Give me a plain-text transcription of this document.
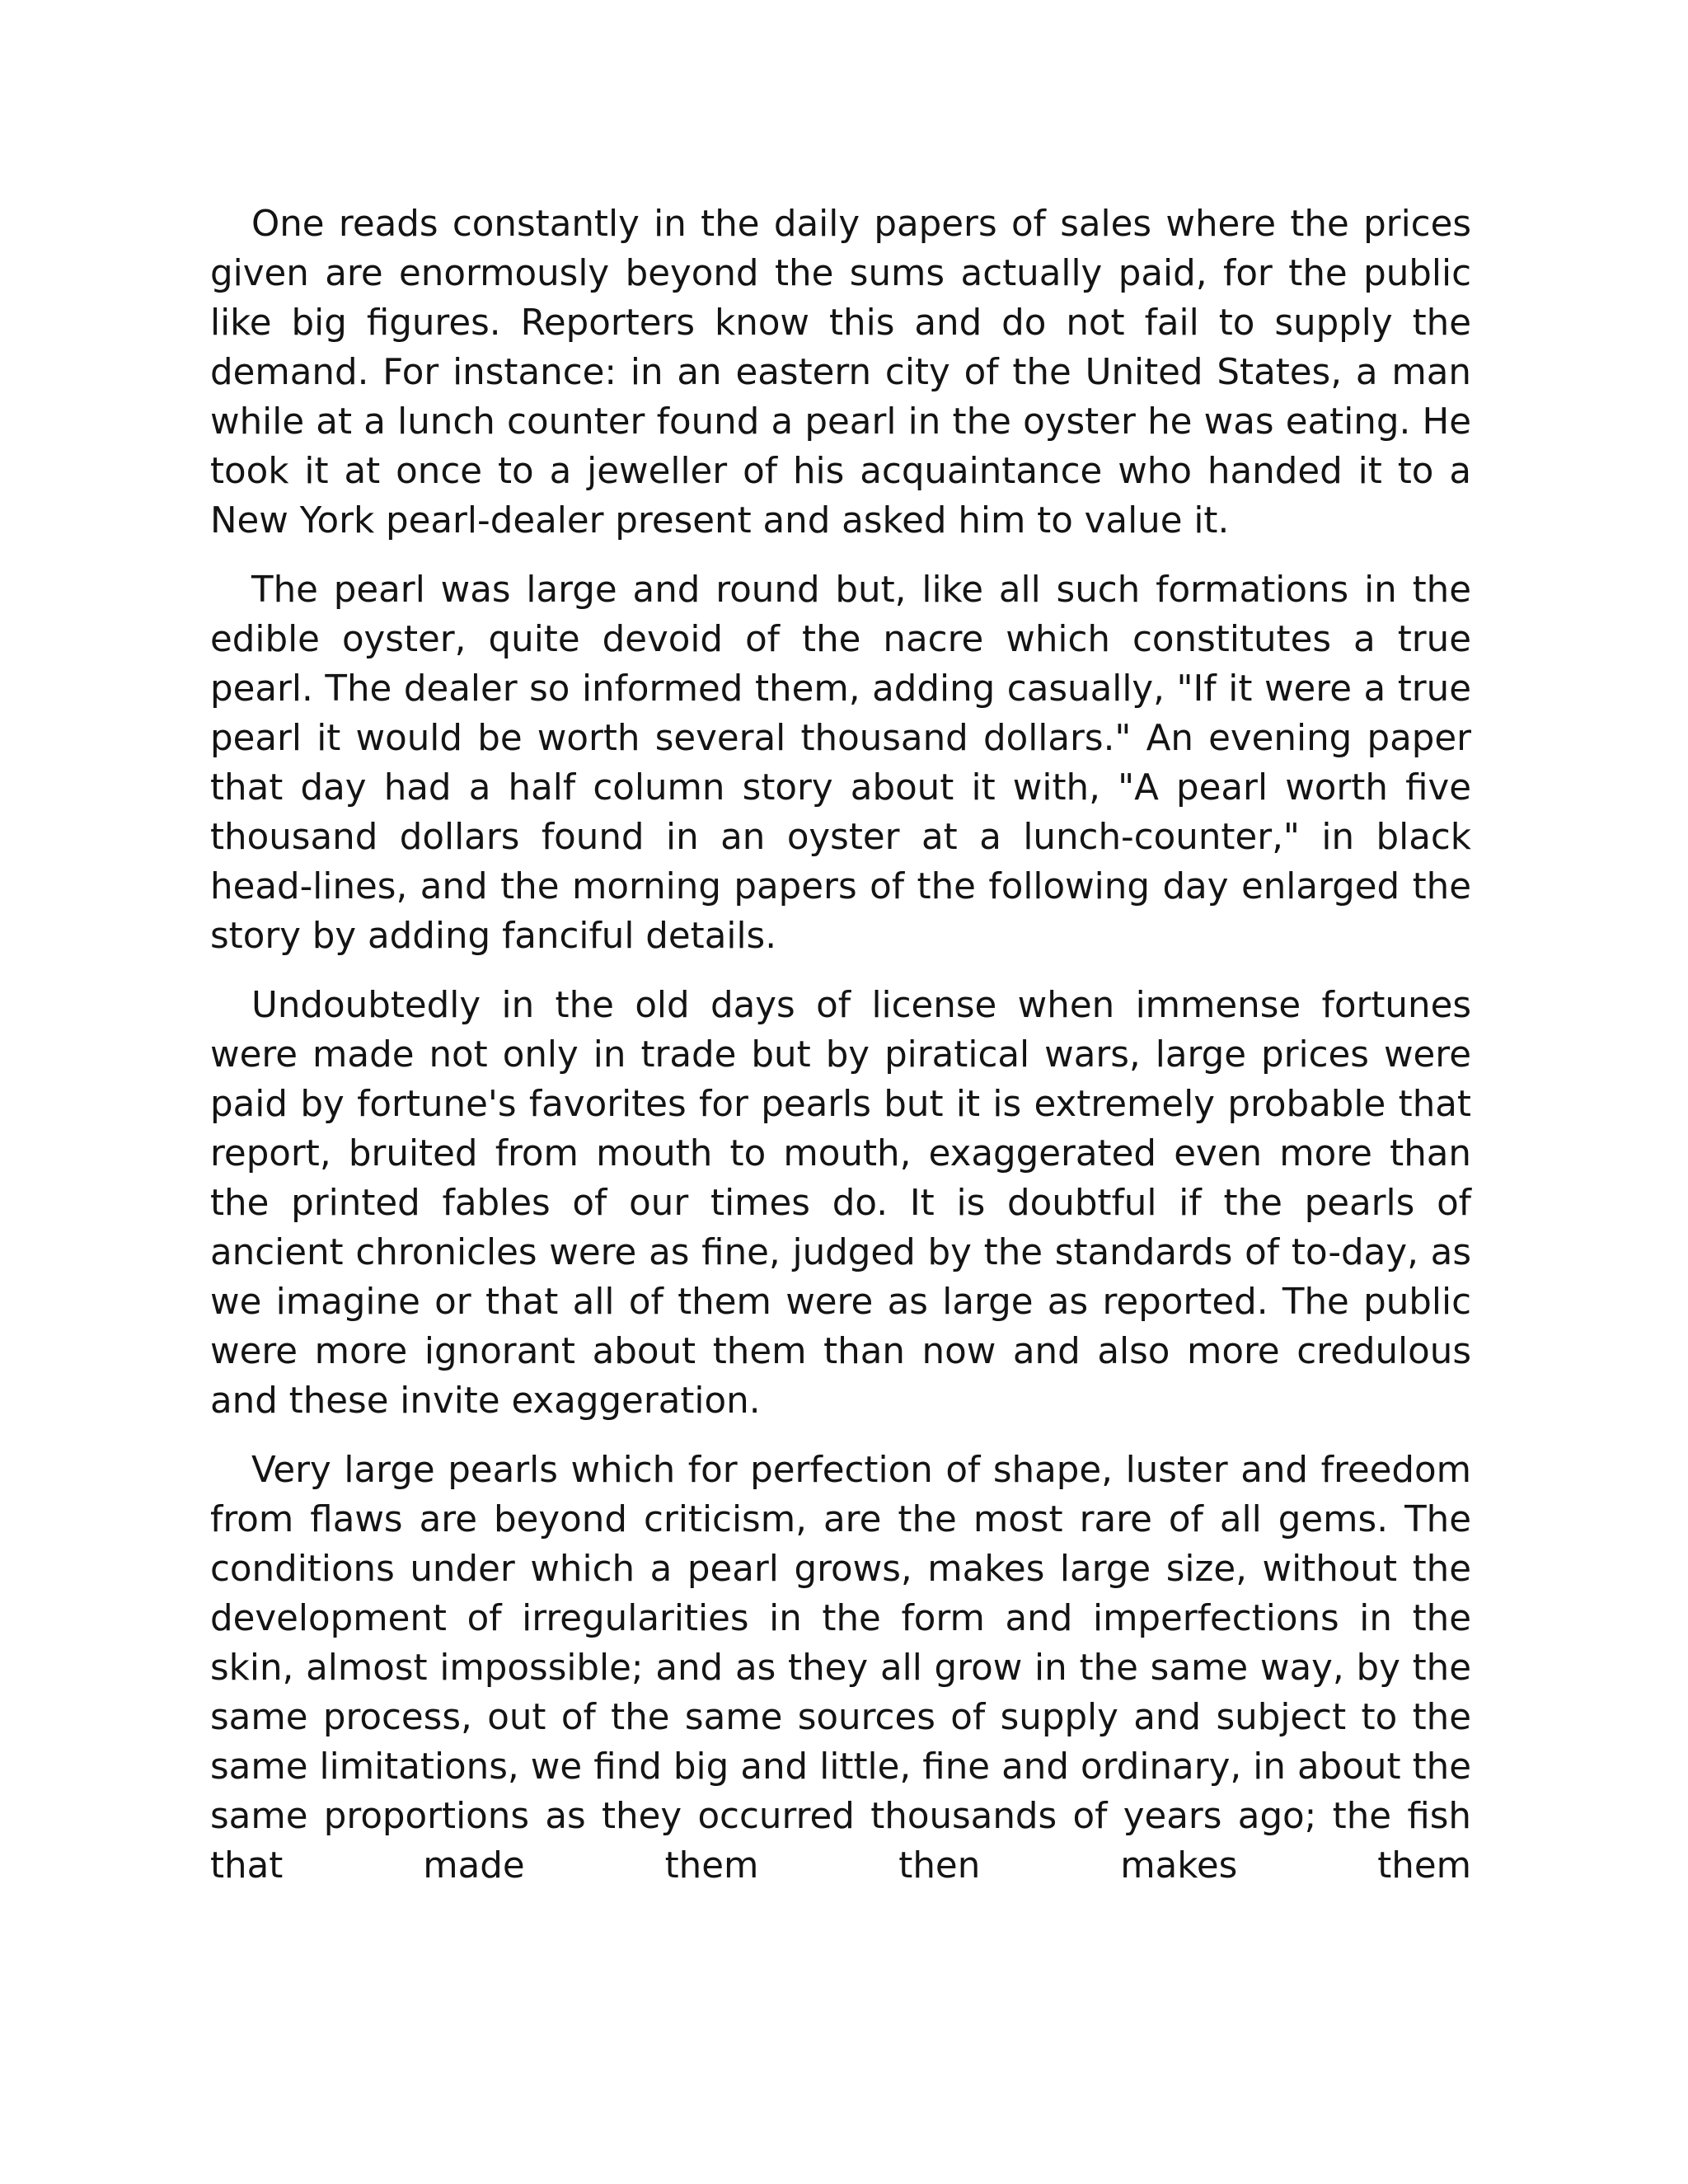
One reads constantly in the daily papers of sales where the prices given are enormously beyond the sums actually paid, for the public like big figures. Reporters know this and do not fail to supply the demand. For instance: in an eastern city of the United States, a man while at a lunch counter found a pearl in the oyster he was eating. He took it at once to a jeweller of his acquaintance who handed it to a New York pearl-dealer present and asked him to value it.

The pearl was large and round but, like all such formations in the edible oyster, quite devoid of the nacre which constitutes a true pearl. The dealer so informed them, adding casually, "If it were a true pearl it would be worth several thousand dollars." An evening paper that day had a half column story about it with, "A pearl worth five thousand dollars found in an oyster at a lunch-counter," in black head-lines, and the morning papers of the following day enlarged the story by adding fanciful details.

Undoubtedly in the old days of license when immense fortunes were made not only in trade but by piratical wars, large prices were paid by fortune's favorites for pearls but it is extremely probable that report, bruited from mouth to mouth, exaggerated even more than the printed fables of our times do. It is doubtful if the pearls of ancient chronicles were as fine, judged by the standards of to-day, as we imagine or that all of them were as large as reported. The public were more ignorant about them than now and also more credulous and these invite exaggeration.

Very large pearls which for perfection of shape, luster and freedom from flaws are beyond criticism, are the most rare of all gems. The conditions under which a pearl grows, makes large size, without the development of irregularities in the form and imperfections in the skin, almost impossible; and as they all grow in the same way, by the same process, out of the same sources of supply and subject to the same limitations, we find big and little, fine and ordinary, in about the same proportions as they occurred thousands of years ago; the fish that made them then makes them
